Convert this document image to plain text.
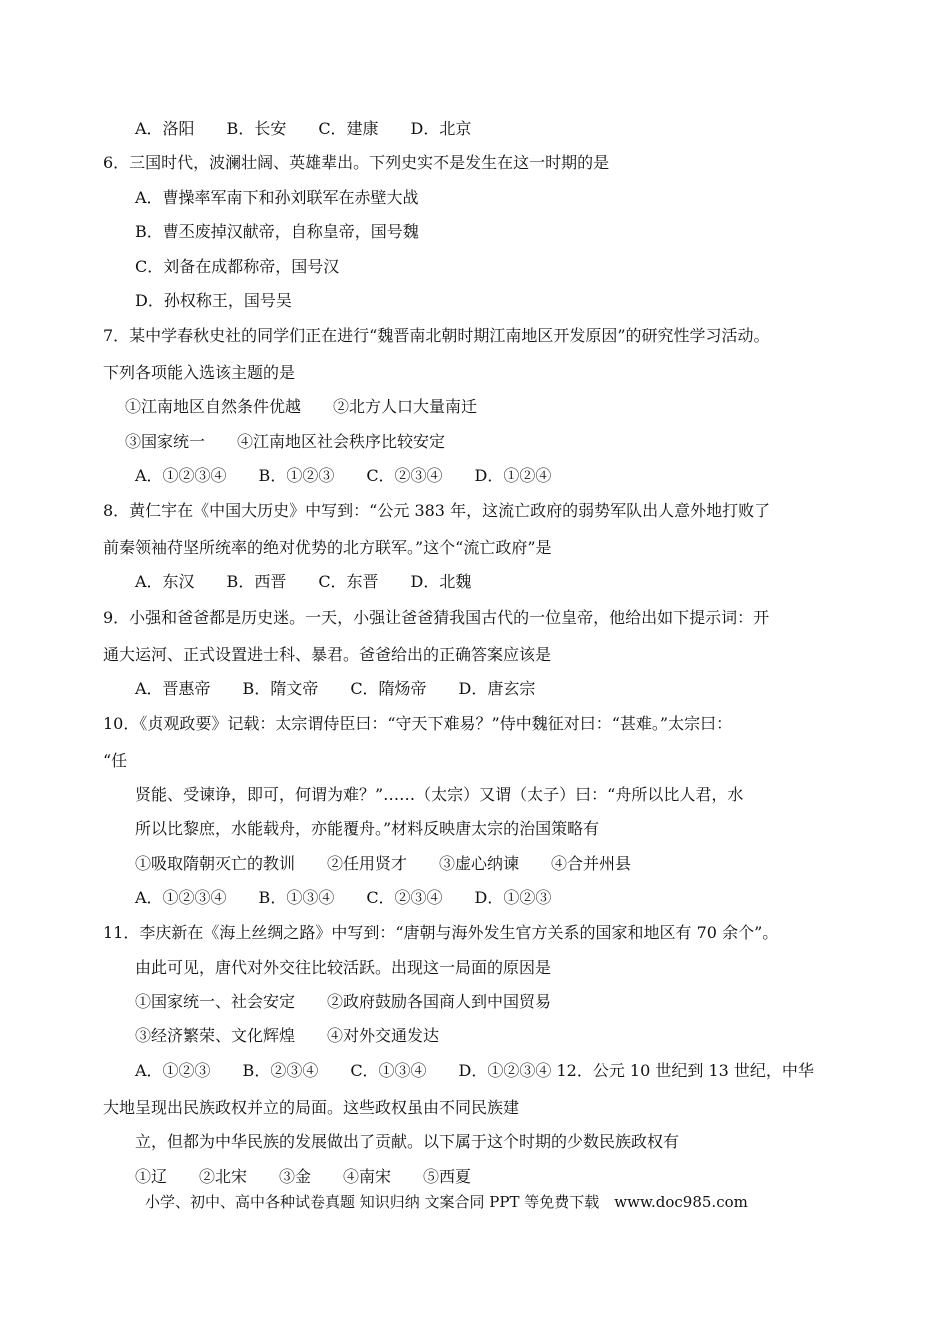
A．洛阳　　B．长安　　C．建康　　D．北京
6．三国时代，波澜壮阔、英雄辈出。下列史实不是发生在这一时期的是
A．曹操率军南下和孙刘联军在赤壁大战
B．曹丕废掉汉献帝，自称皇帝，国号魏
C．刘备在成都称帝，国号汉
D．孙权称王，国号吴
7．某中学春秋史社的同学们正在进行“魏晋南北朝时期江南地区开发原因”的研究性学习活动。
下列各项能入选该主题的是
①江南地区自然条件优越　　②北方人口大量南迁
③国家统一　　④江南地区社会秩序比较安定
A．①②③④　　B．①②③　　C．②③④　　D．①②④
8．黄仁宇在《中国大历史》中写到：“公元 383 年，这流亡政府的弱势军队出人意外地打败了
前秦领袖苻坚所统率的绝对优势的北方联军。”这个“流亡政府”是
A．东汉　　B．西晋　　C．东晋　　D．北魏
9．小强和爸爸都是历史迷。一天，小强让爸爸猜我国古代的一位皇帝，他给出如下提示词：开
通大运河、正式设置进士科、暴君。爸爸给出的正确答案应该是
A．晋惠帝　　B．隋文帝　　C．隋炀帝　　D．唐玄宗
10．《贞观政要》记载：太宗谓侍臣曰：“守天下难易？”侍中魏征对曰：“甚难。”太宗曰：
“任
贤能、受谏诤，即可，何谓为难？”……（太宗）又谓（太子）曰：“舟所以比人君，水
所以比黎庶，水能载舟，亦能覆舟。”材料反映唐太宗的治国策略有
①吸取隋朝灭亡的教训　　②任用贤才　　③虚心纳谏　　④合并州县
A．①②③④　　B．①③④　　C．②③④　　D．①②③
11．李庆新在《海上丝绸之路》中写到：“唐朝与海外发生官方关系的国家和地区有 70 余个”。
由此可见，唐代对外交往比较活跃。出现这一局面的原因是
①国家统一、社会安定　　②政府鼓励各国商人到中国贸易
③经济繁荣、文化辉煌　　④对外交通发达
A．①②③　　B．②③④　　C．①③④　　D．①②③④ 12．公元 10 世纪到 13 世纪，中华
大地呈现出民族政权并立的局面。这些政权虽由不同民族建
立，但都为中华民族的发展做出了贡献。以下属于这个时期的少数民族政权有
①辽　　②北宋　　③金　　④南宋　　⑤西夏
小学、初中、高中各种试卷真题 知识归纳 文案合同 PPT 等免费下载　www.doc985.com
